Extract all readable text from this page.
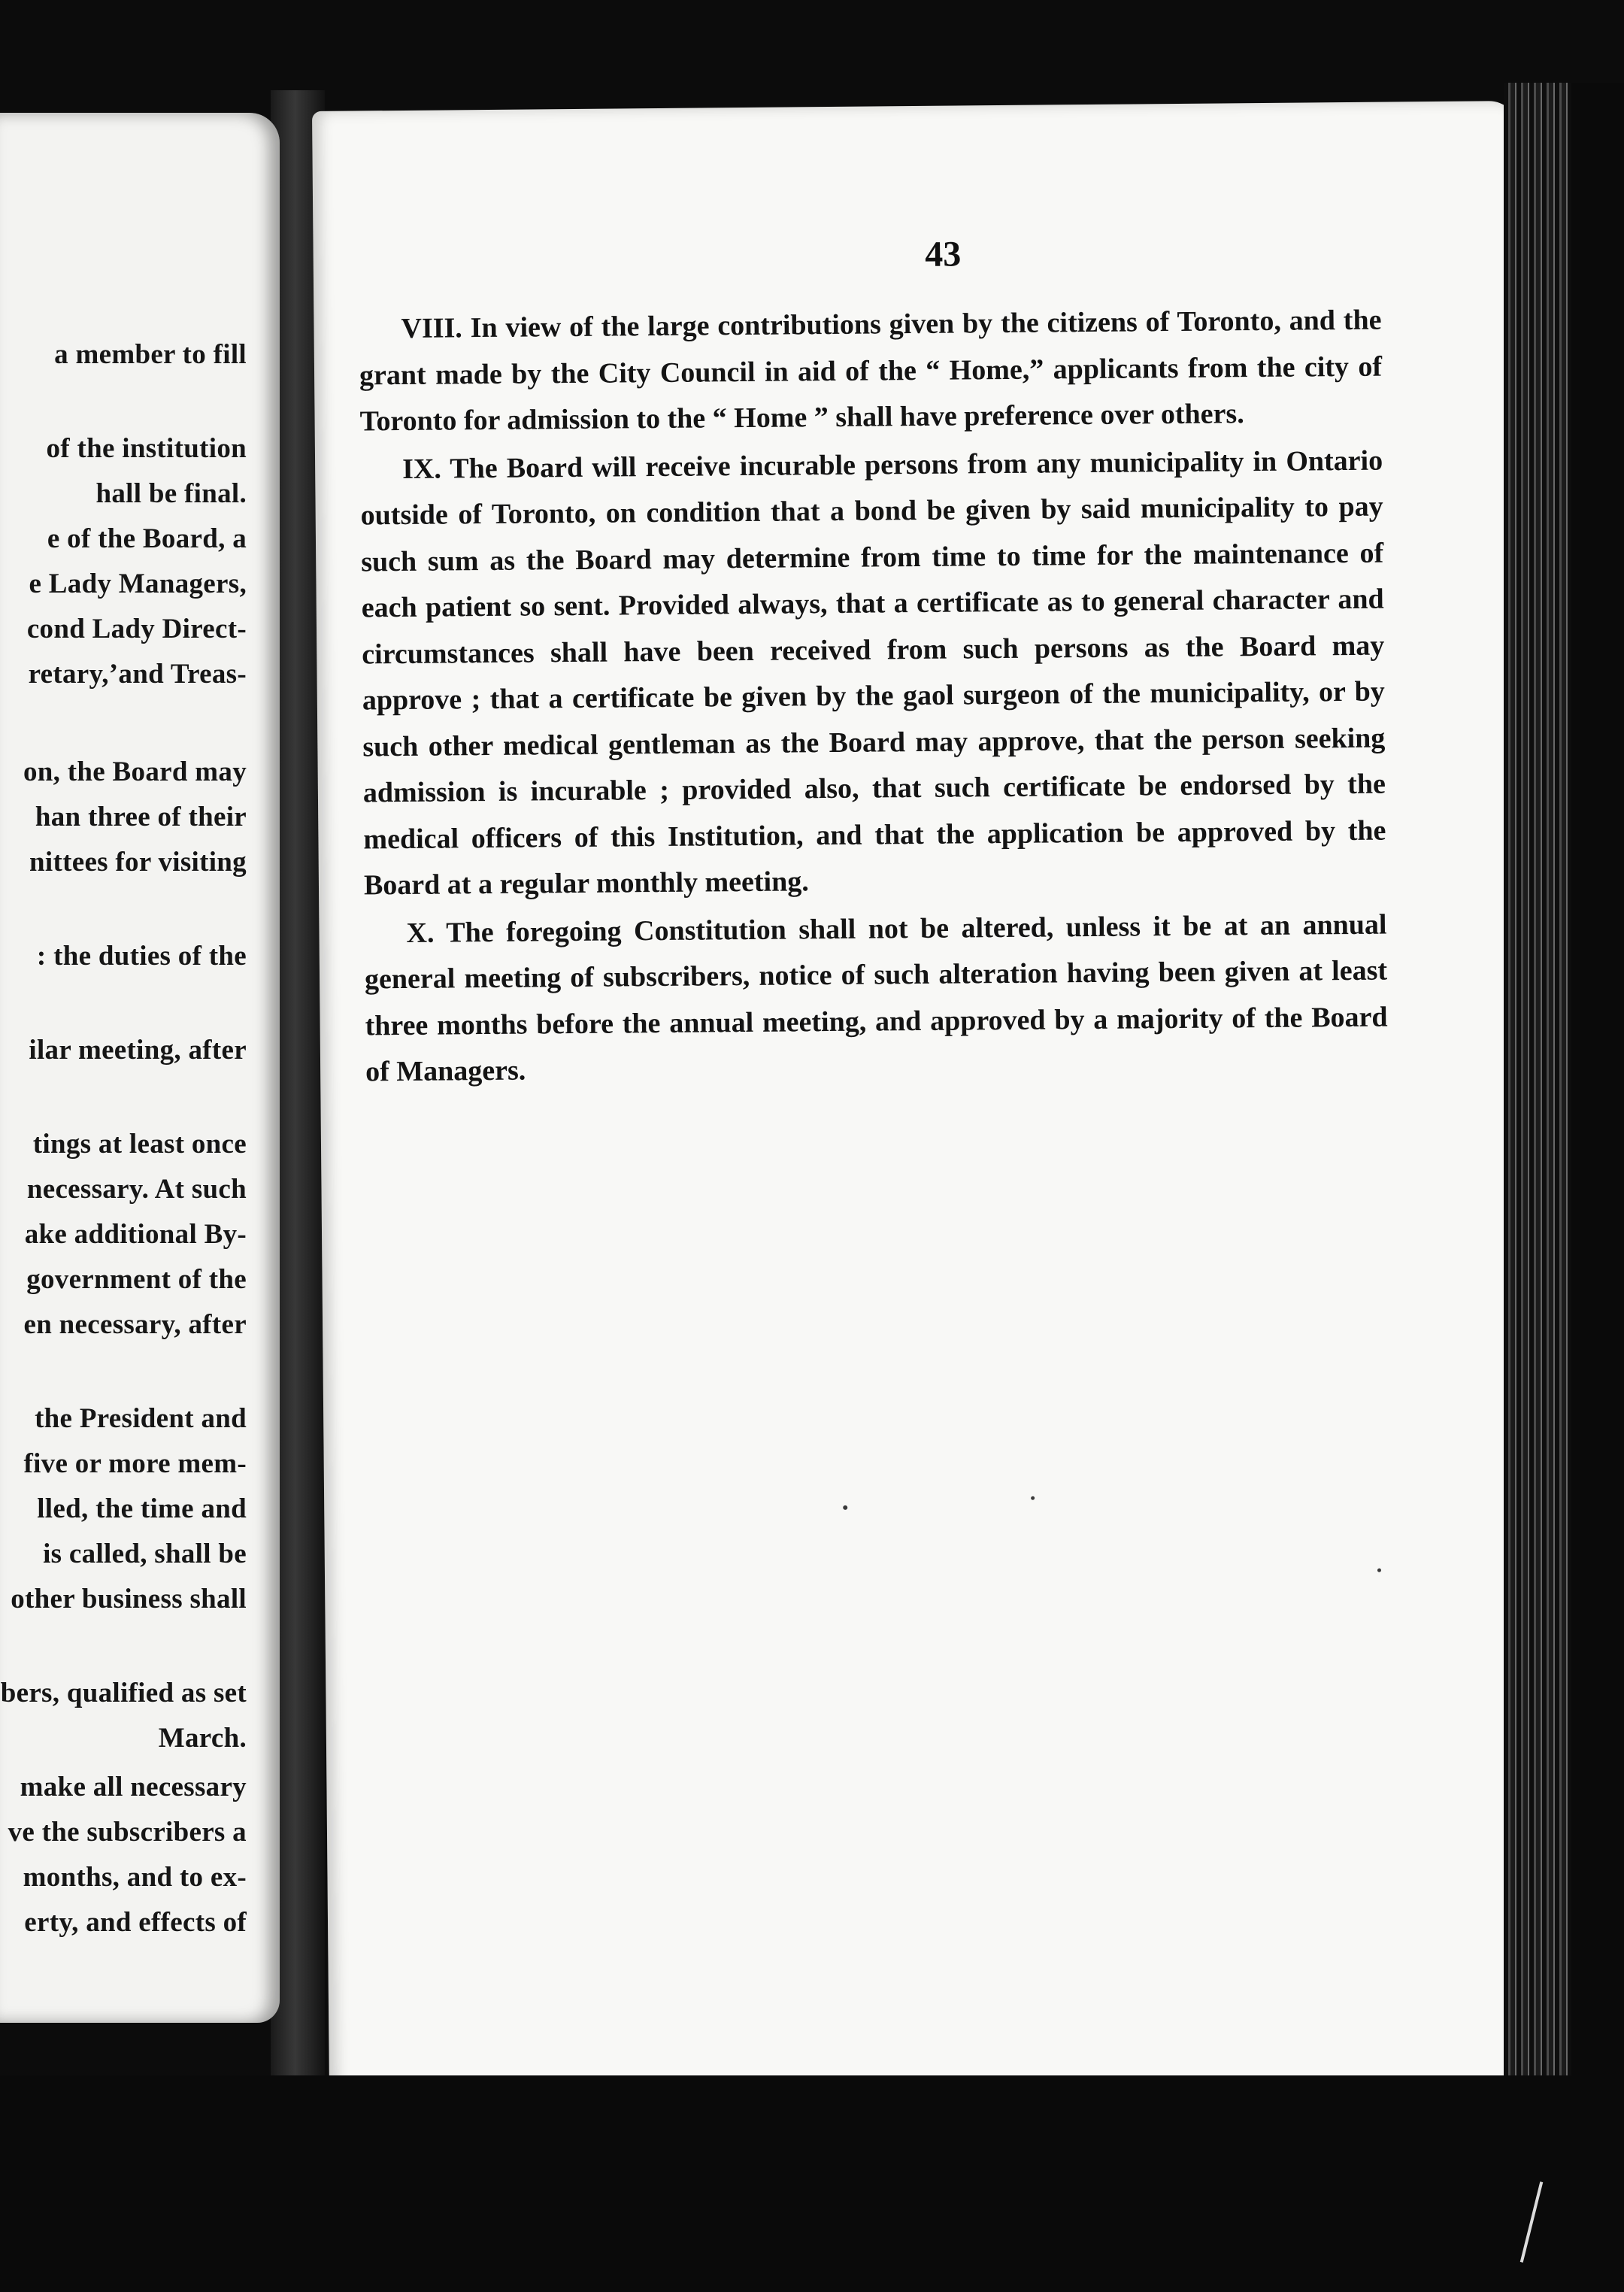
a member to fill
of the institution
hall be final.
e of the Board, a
e Lady Managers,
cond Lady Direct-
retary,’and Treas-
on, the Board may
han three of their
nittees for visiting
: the duties of the
ilar meeting, after
tings at least once
necessary. At such
ake additional By-
government of the
en necessary, after
the President and
five or more mem-
lled, the time and
is called, shall be
other business shall
bers, qualified as set
March.
make all necessary
ve the subscribers a
months, and to ex-
erty, and effects of
43

VIII. In view of the large contributions given by the citizens of Toronto, and the grant made by the City Council in aid of the “ Home,” applicants from the city of Toronto for admission to the “ Home ” shall have preference over others.

IX. The Board will receive incurable persons from any municipality in Ontario outside of Toronto, on condition that a bond be given by said municipality to pay such sum as the Board may determine from time to time for the maintenance of each patient so sent. Provided always, that a certificate as to general character and circumstances shall have been received from such persons as the Board may approve ; that a certificate be given by the gaol surgeon of the municipality, or by such other medical gentleman as the Board may approve, that the person seeking admission is incurable ; provided also, that such certificate be endorsed by the medical officers of this Institution, and that the application be approved by the Board at a regular monthly meeting.

X. The foregoing Constitution shall not be altered, unless it be at an annual general meeting of subscribers, notice of such alteration having been given at least three months before the annual meeting, and approved by a majority of the Board of Managers.
